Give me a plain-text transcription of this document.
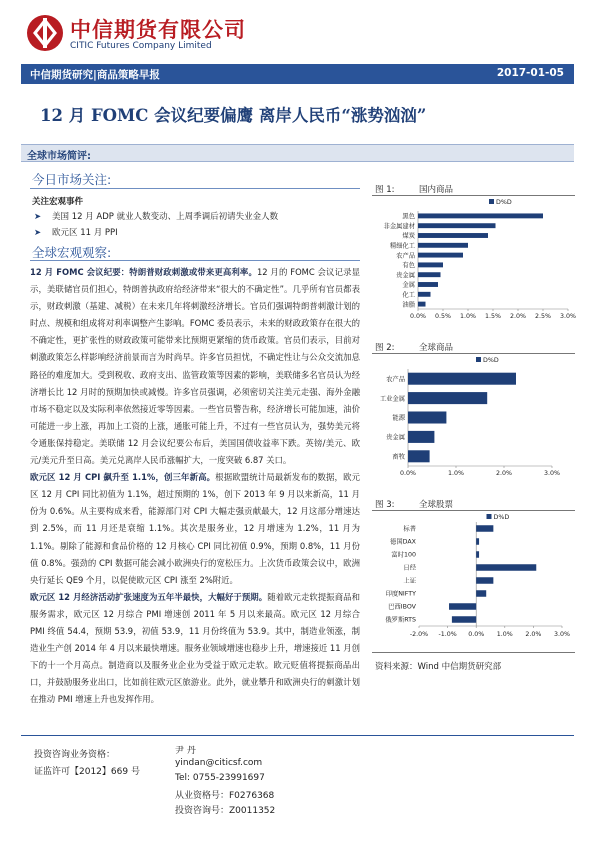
中信期货有限公司
CITIC Futures Company Limited
中信期货研究|商品策略早报	2017-01-05
12 月 FOMC 会议纪要偏鹰 离岸人民币“涨势汹汹”
全球市场简评:
今日市场关注:
关注宏观事件
➤ 美国 12 月 ADP 就业人数变动、上周季调后初请失业金人数
➤ 欧元区 11 月 PPI
全球宏观观察:

12 月 FOMC 会议纪要：特朗普财政刺激或带来更高利率。12 月的 FOMC 会议记录显示，美联储官员们担心，特朗普执政府给经济带来“很大的不确定性”。几乎所有官员都表示，财政刺激（基建、减税）在未来几年将刺激经济增长。官员们强调特朗普刺激计划的时点、规模和组成将对利率调整产生影响。FOMC 委员表示，未来的财政政策存在很大的不确定性，更扩张性的财政政策可能带来比预期更紧缩的货币政策。官员们表示，目前对刺激政策怎么样影响经济前景而言为时尚早。许多官员担忧，不确定性让与公众交流加息路径的难度加大。受到税收、政府支出、监管政策等因素的影响，美联储多名官员认为经济增长比 12 月时的预期加快或减慢。许多官员强调，必须密切关注美元走强、海外金融市场不稳定以及实际利率依然接近零等因素。一些官员警告称，经济增长可能加速，油价可能进一步上涨，再加上工资的上涨，通胀可能上升，不过有一些官员认为，强势美元将令通胀保持稳定。美联储 12 月会议纪要公布后，美国国债收益率下跌。英镑/美元、欧元/美元升至日高。美元兑离岸人民币涨幅扩大，一度突破 6.87 关口。

欧元区 12 月 CPI 飙升至 1.1%，创三年新高。根据欧盟统计局最新发布的数据，欧元区 12 月 CPI 同比初值为 1.1%，超过预期的 1%，创下 2013 年 9 月以来新高，11 月份为 0.6%。从主要构成来看，能源部门对 CPI 大幅走强贡献最大，12 月这部分增速达到 2.5%，而 11 月还是衰缩 1.1%。其次是服务业，12 月增速为 1.2%，11 月为 1.1%。剔除了能源和食品价格的 12 月核心 CPI 同比初值 0.9%，预期 0.8%，11 月份值 0.8%。强劲的 CPI 数据可能会减小欧洲央行的宽松压力。上次货币政策会议中，欧洲央行延长 QE9 个月，以促使欧元区 CPI 涨至 2%附近。

欧元区 12 月经济活动扩张速度为五年半最快，大幅好于预期。随着欧元走软提振商品和服务需求，欧元区 12 月综合 PMI 增速创 2011 年 5 月以来最高。欧元区 12 月综合 PMI 终值 54.4，预期 53.9，初值 53.9，11 月份终值为 53.9。其中，制造业领涨，制造业生产创 2014 年 4 月以来最快增速。服务业领域增速也稳步上升，增速接近 11 月创下的十一个月高点。制造商以及服务业企业为受益于欧元走软。欧元贬值将提振商品出口，并鼓励服务业出口，比如前往欧元区旅游业。此外，就业攀升和欧洲央行的刺激计划在推动 PMI 增速上升也发挥作用。

图 1:	国内商品
D%D
0.0% 0.5% 1.0% 1.5% 2.0% 2.5% 3.0%
黑色
非金属建材
煤炭
精细化工
农产品
有色
贵金属
金属
化工
油脂
图 2:	全球商品
D%D
0.0%	1.0%	2.0%	3.0%
农产品
工业金属
能源
贵金属
畜牧
图 3:	全球股票
D%D
-2.0% -1.0% 0.0% 1.0% 2.0% 3.0%
标普
德国DAX
富时100
日经
上证
印度NIFTY
巴西IBOV
俄罗斯RTS
资料来源：Wind 中信期货研究部
投资咨询业务资格：
证监许可【2012】669 号
尹 丹
yindan@citicsf.com
Tel: 0755-23991697
从业资格号：F0276368
投资咨询号：Z0011352
